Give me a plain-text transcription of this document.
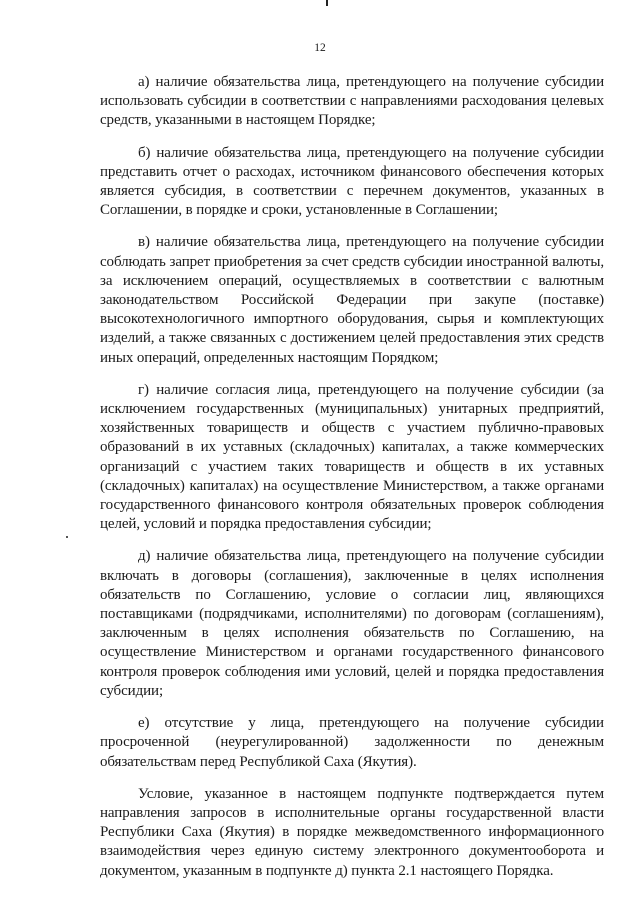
12

а) наличие обязательства лица, претендующего на получение субсидии использовать субсидии в соответствии с направлениями расходования целевых средств, указанными в настоящем Порядке;

б) наличие обязательства лица, претендующего на получение субсидии представить отчет о расходах, источником финансового обеспечения которых является субсидия, в соответствии с перечнем документов, указанных в Соглашении, в порядке и сроки, установленные в Соглашении;

в) наличие обязательства лица, претендующего на получение субсидии соблюдать запрет приобретения за счет средств субсидии иностранной валюты, за исключением операций, осуществляемых в соответствии с валютным законодательством Российской Федерации при закупе (поставке) высокотехнологичного импортного оборудования, сырья и комплектующих изделий, а также связанных с достижением целей предоставления этих средств иных операций, определенных настоящим Порядком;

г) наличие согласия лица, претендующего на получение субсидии (за исключением государственных (муниципальных) унитарных предприятий, хозяйственных товариществ и обществ с участием публично-правовых образований в их уставных (складочных) капиталах, а также коммерческих организаций с участием таких товариществ и обществ в их уставных (складочных) капиталах) на осуществление Министерством, а также органами государственного финансового контроля обязательных проверок соблюдения целей, условий и порядка предоставления субсидии;

д) наличие обязательства лица, претендующего на получение субсидии включать в договоры (соглашения), заключенные в целях исполнения обязательств по Соглашению, условие о согласии лиц, являющихся поставщиками (подрядчиками, исполнителями) по договорам (соглашениям), заключенным в целях исполнения обязательств по Соглашению, на осуществление Министерством и органами государственного финансового контроля проверок соблюдения ими условий, целей и порядка предоставления субсидии;

е) отсутствие у лица, претендующего на получение субсидии просроченной (неурегулированной) задолженности по денежным обязательствам перед Республикой Саха (Якутия).

Условие, указанное в настоящем подпункте подтверждается путем направления запросов в исполнительные органы государственной власти Республики Саха (Якутия) в порядке межведомственного информационного взаимодействия через единую систему электронного документооборота и документом, указанным в подпункте д) пункта 2.1 настоящего Порядка.
